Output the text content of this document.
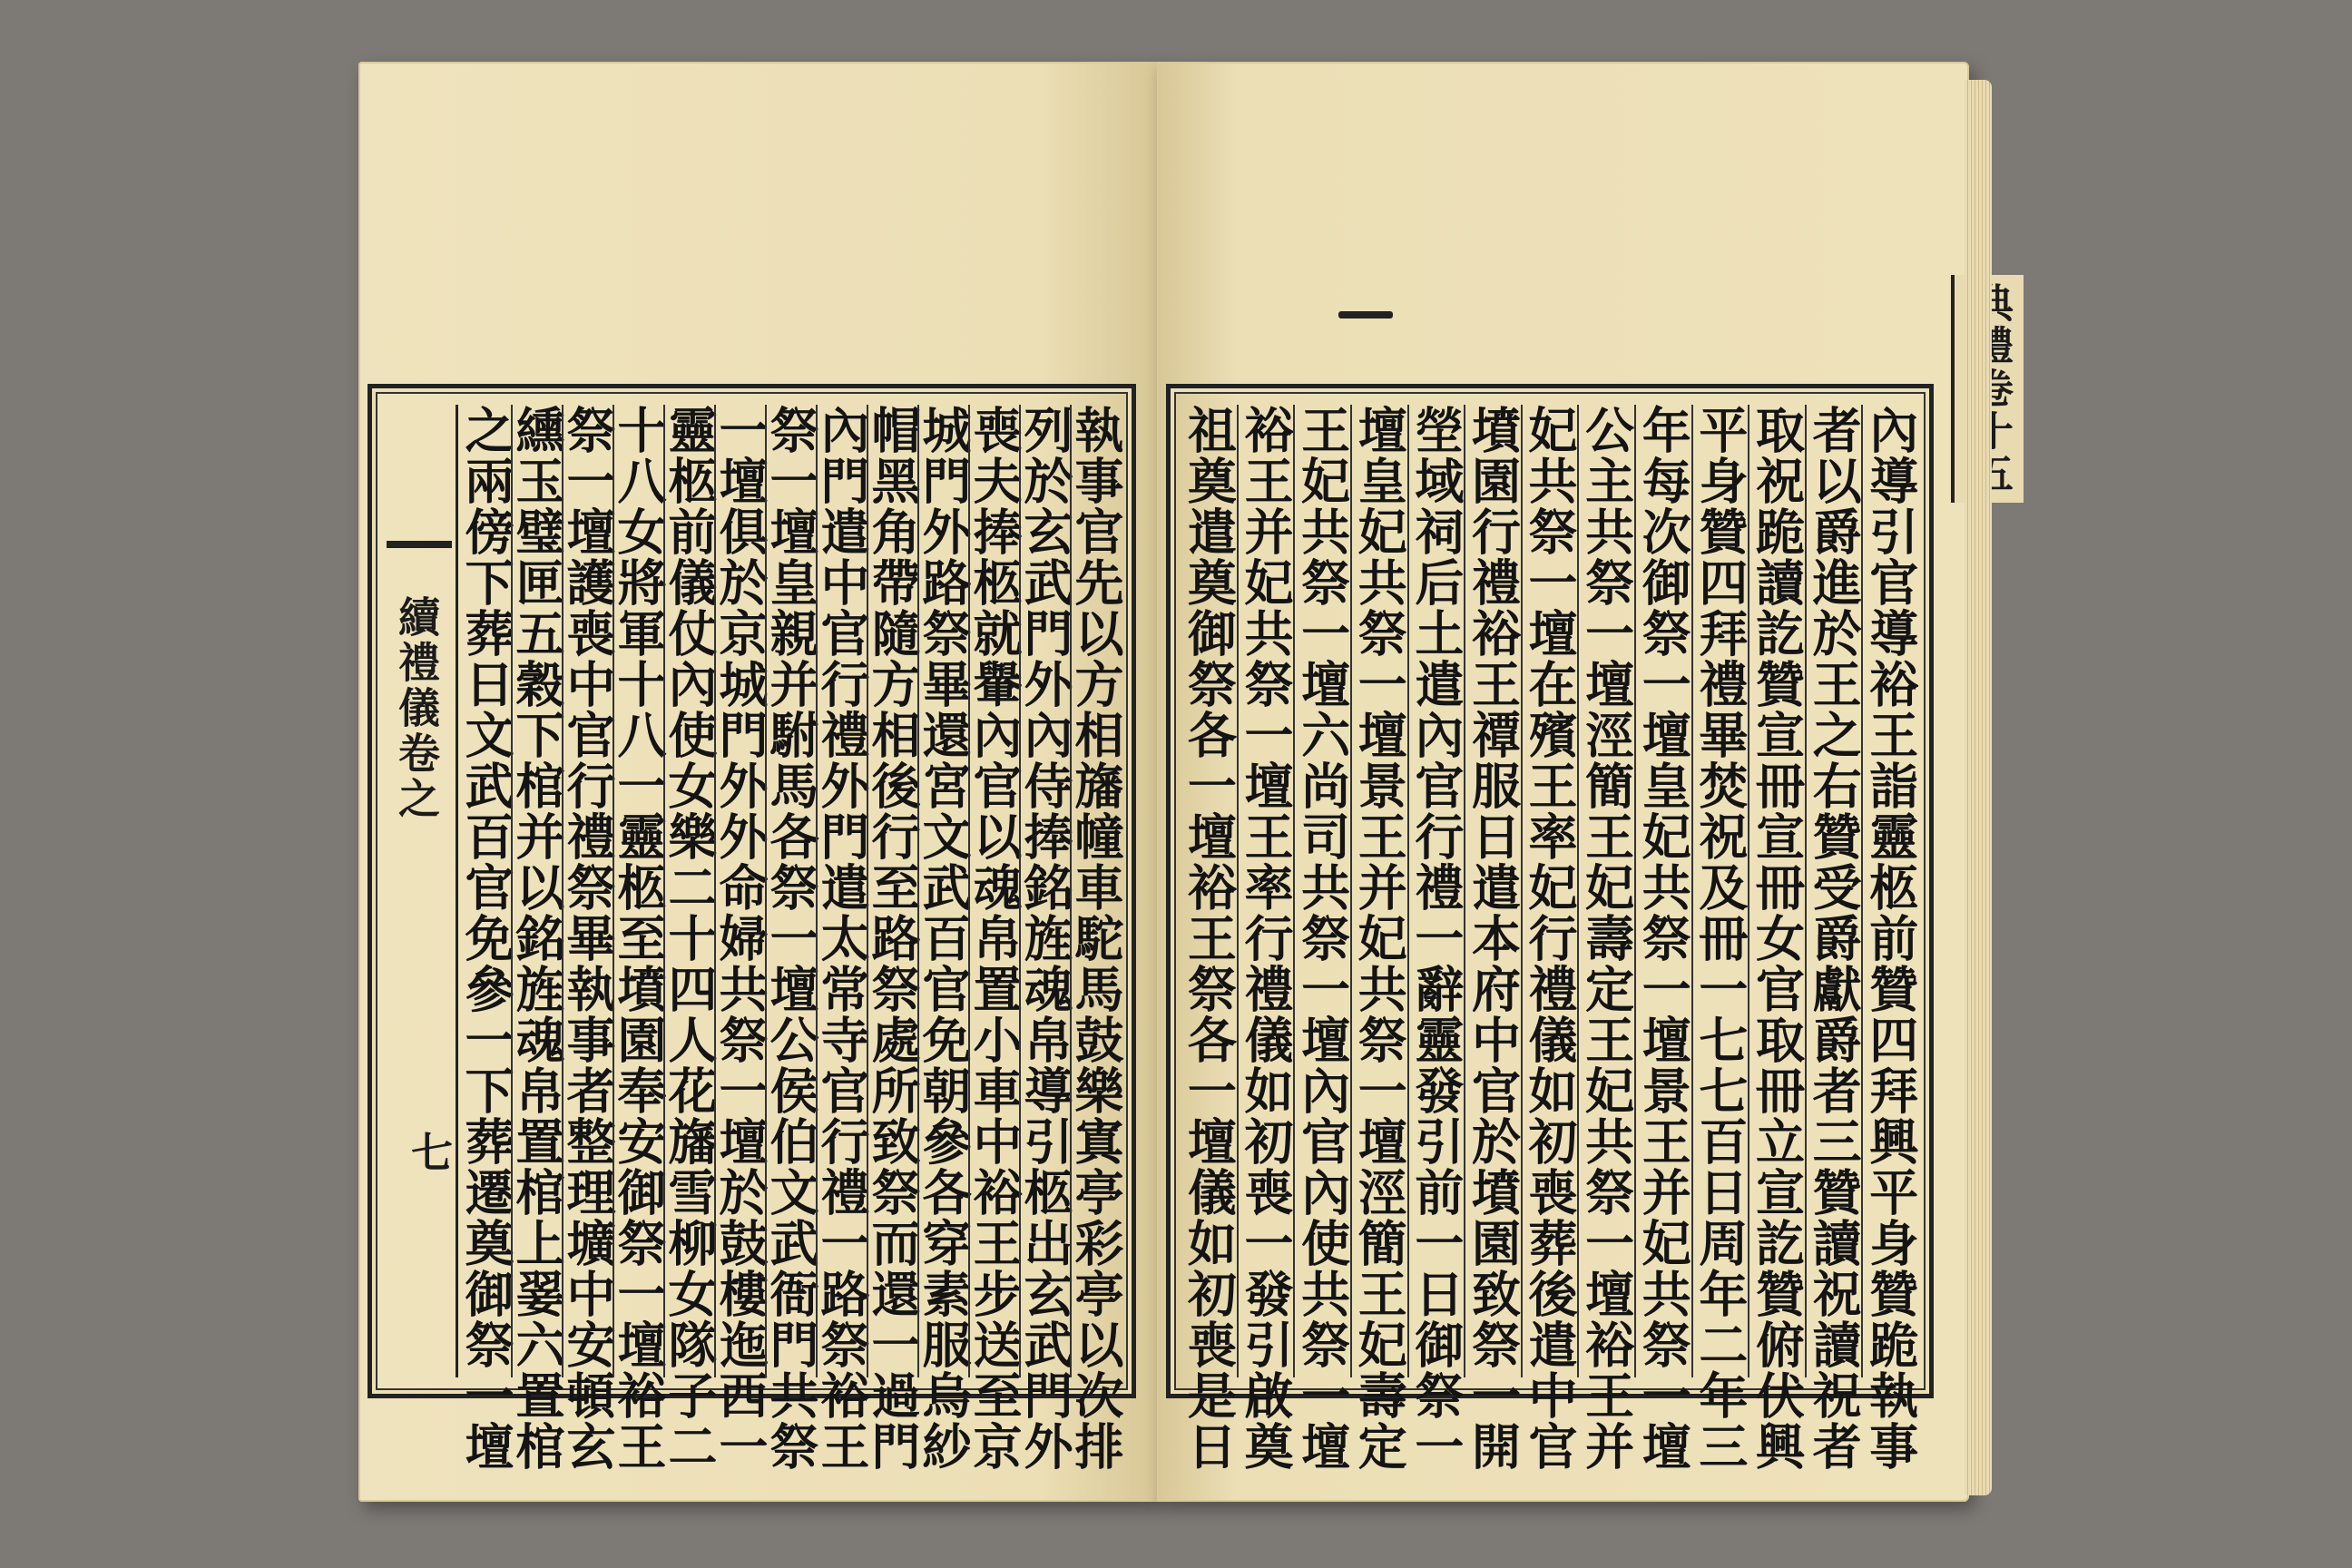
續禮儀卷之
七	執事官先以方相旛幢車駝馬鼓樂寘亭彩亭以次排
列於玄武門外內侍捧銘旌魂帛導引柩出玄武門外
喪夫捧柩就轝內官以魂帛置小車中裕王步送至京
城門外路祭畢還宮文武百官免朝參各穿素服烏紗
帽黑角帶隨方相後行至路祭處所致祭而還一過門
內門遣中官行禮外門遣太常寺官行禮一路祭裕王
祭一壇皇親并駙馬各祭一壇公侯伯文武衙門共祭
一壇俱於京城門外外命婦共祭一壇於鼓樓迤西一
靈柩前儀仗內使女樂二十四人花旛雪柳女隊子二
十八女將軍十八一靈柩至墳園奉安御祭一壇裕王
祭一壇護喪中官行禮祭畢執事者整理壙中安頓玄
纁玉璧匣五穀下棺并以銘旌魂帛置棺上翣六置棺
之兩傍下葬日文武百官免參一下葬遷奠御祭一壇	內導引官導裕王詣靈柩前贊四拜興平身贊跪執事
者以爵進於王之右贊受爵獻爵者三贊讀祝讀祝者
取祝跪讀訖贊宣冊宣冊女官取冊立宣訖贊俯伏興
平身贊四拜禮畢焚祝及冊一七七百日周年二年三
年每次御祭一壇皇妃共祭一壇景王并妃共祭一壇
公主共祭一壇涇簡王妃壽定王妃共祭一壇裕王并
妃共祭一壇在殯王率妃行禮儀如初喪葬後遣中官
墳園行禮裕王禫服日遣本府中官於墳園致祭一開
塋域祠后土遣內官行禮一辭靈發引前一日御祭一
壇皇妃共祭一壇景王并妃共祭一壇涇簡王妃壽定
王妃共祭一壇六尚司共祭一壇內官內使共祭一壇
裕王并妃共祭一壇王率行禮儀如初喪一發引啟奠
祖奠遣奠御祭各一壇裕王祭各一壇儀如初喪是日
